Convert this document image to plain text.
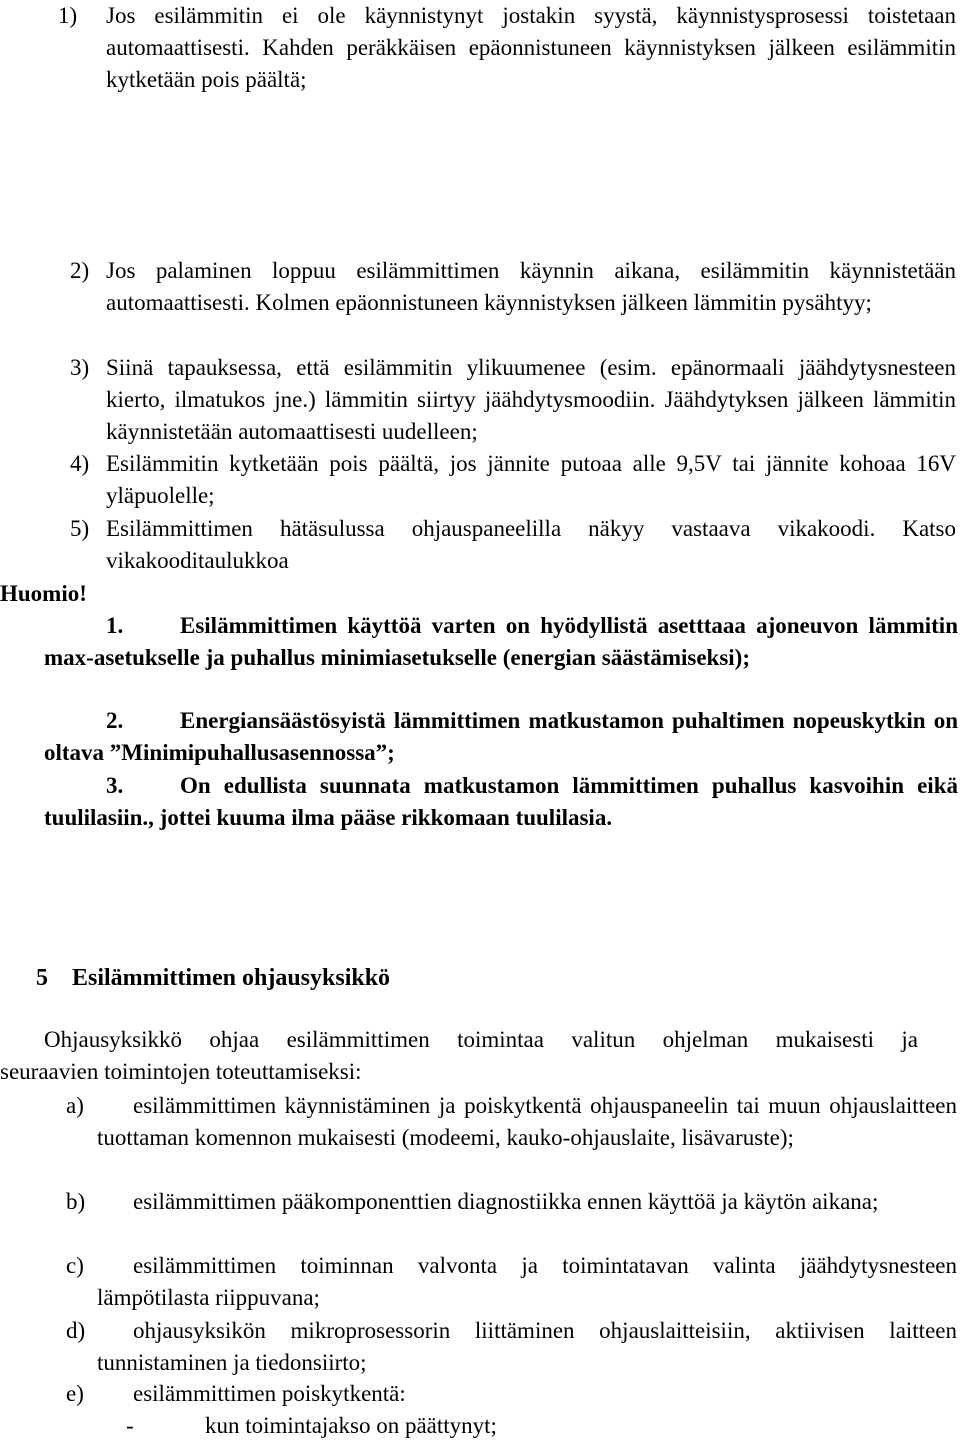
1) Jos esilämmitin ei ole käynnistynyt jostakin syystä, käynnistysprosessi toistetaan automaattisesti. Kahden peräkkäisen epäonnistuneen käynnistyksen jälkeen esilämmitin kytketään pois päältä;
2) Jos palaminen loppuu esilämmittimen käynnin aikana, esilämmitin käynnistetään automaattisesti. Kolmen epäonnistuneen käynnistyksen jälkeen lämmitin pysähtyy;
3) Siinä tapauksessa, että esilämmitin ylikuumenee (esim. epänormaali jäähdytysnesteen kierto, ilmatukos jne.) lämmitin siirtyy jäähdytysmoodiin. Jäähdytyksen jälkeen lämmitin käynnistetään automaattisesti uudelleen;
4) Esilämmitin kytketään pois päältä, jos jännite putoaa alle 9,5V tai jännite kohoaa 16V yläpuolelle;
5) Esilämmittimen hätäsulussa ohjauspaneelilla näkyy vastaava vikakoodi. Katso vikakooditaulukkoa
Huomio!
1.	Esilämmittimen käyttöä varten on hyödyllistä asetttaaa ajoneuvon lämmitin max-asetukselle ja puhallus minimiasetukselle (energian säästämiseksi);
2.	Energiansäästösyistä lämmittimen matkustamon puhaltimen nopeuskytkin on oltava ”Minimipuhallusasennossa”;
3.	On edullista suunnata matkustamon lämmittimen puhallus kasvoihin eikä tuulilasiin., jottei kuuma ilma pääse rikkomaan tuulilasia.
5 Esilämmittimen ohjausyksikkö
Ohjausyksikkö ohjaa esilämmittimen toimintaa valitun ohjelman mukaisesti ja
seuraavien toimintojen toteuttamiseksi:
a)	esilämmittimen käynnistäminen ja poiskytkentä ohjauspaneelin tai muun ohjauslaitteen tuottaman komennon mukaisesti (modeemi, kauko-ohjauslaite, lisävaruste);
b)	esilämmittimen pääkomponenttien diagnostiikka ennen käyttöä ja käytön aikana;
c)	esilämmittimen toiminnan valvonta ja toimintatavan valinta jäähdytysnesteen lämpötilasta riippuvana;
d)	ohjausyksikön mikroprosessorin liittäminen ohjauslaitteisiin, aktiivisen laitteen tunnistaminen ja tiedonsiirto;
e) esilämmittimen poiskytkentä:
-	kun toimintajakso on päättynyt;
